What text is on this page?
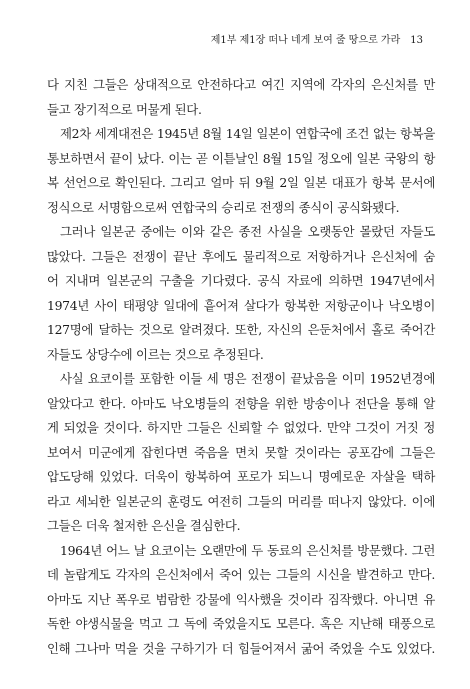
제1부 제1장 떠나 네게 보여 줄 땅으로 가라 13
다 지친 그들은 상대적으로 안전하다고 여긴 지역에 각자의 은신처를 만
들고 장기적으로 머물게 된다.
제2차 세계대전은 1945년 8월 14일 일본이 연합국에 조건 없는 항복을
통보하면서 끝이 났다. 이는 곧 이튿날인 8월 15일 정오에 일본 국왕의 항
복 선언으로 확인된다. 그리고 얼마 뒤 9월 2일 일본 대표가 항복 문서에
정식으로 서명함으로써 연합국의 승리로 전쟁의 종식이 공식화됐다.
그러나 일본군 중에는 이와 같은 종전 사실을 오랫동안 몰랐던 자들도
많았다. 그들은 전쟁이 끝난 후에도 물리적으로 저항하거나 은신처에 숨
어 지내며 일본군의 구출을 기다렸다. 공식 자료에 의하면 1947년에서
1974년 사이 태평양 일대에 흩어져 살다가 항복한 저항군이나 낙오병이
127명에 달하는 것으로 알려졌다. 또한, 자신의 은둔처에서 홀로 죽어간
자들도 상당수에 이르는 것으로 추정된다.
사실 요코이를 포함한 이들 세 명은 전쟁이 끝났음을 이미 1952년경에
알았다고 한다. 아마도 낙오병들의 전향을 위한 방송이나 전단을 통해 알
게 되었을 것이다. 하지만 그들은 신뢰할 수 없었다. 만약 그것이 거짓 정
보여서 미군에게 잡힌다면 죽음을 면치 못할 것이라는 공포감에 그들은
압도당해 있었다. 더욱이 항복하여 포로가 되느니 명예로운 자살을 택하
라고 세뇌한 일본군의 훈령도 여전히 그들의 머리를 떠나지 않았다. 이에
그들은 더욱 철저한 은신을 결심한다.
1964년 어느 날 요코이는 오랜만에 두 동료의 은신처를 방문했다. 그런
데 놀랍게도 각자의 은신처에서 죽어 있는 그들의 시신을 발견하고 만다.
아마도 지난 폭우로 범람한 강물에 익사했을 것이라 짐작했다. 아니면 유
독한 야생식물을 먹고 그 독에 죽었을지도 모른다. 혹은 지난해 태풍으로
인해 그나마 먹을 것을 구하기가 더 힘들어져서 굶어 죽었을 수도 있었다.
